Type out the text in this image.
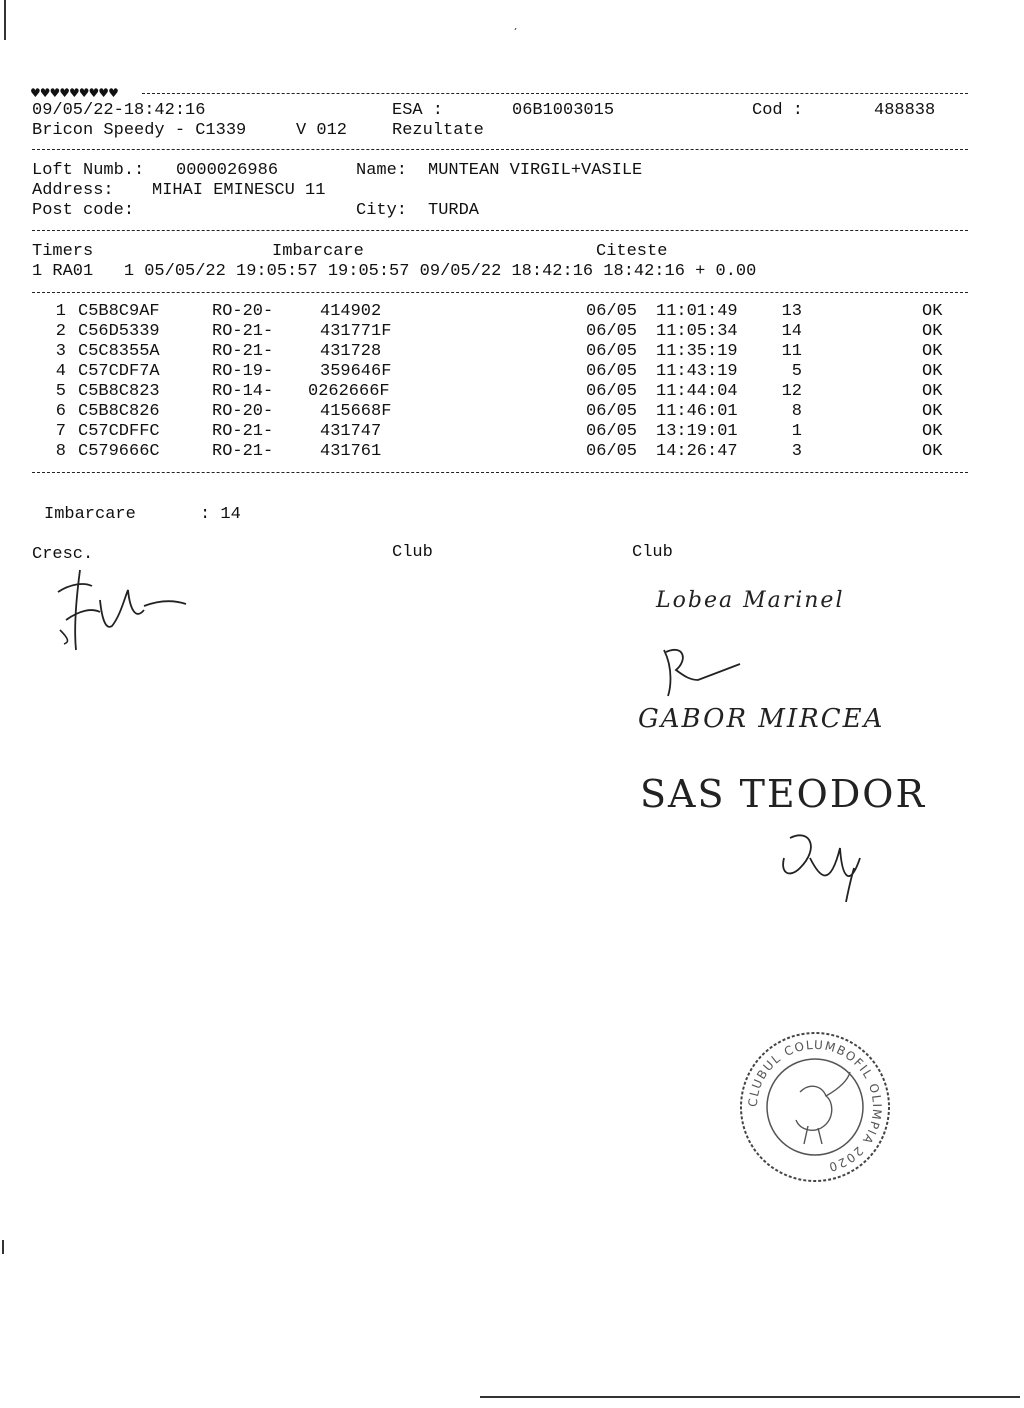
ˊ
♥♥♥♥♥♥♥♥♥
09/05/22-18:42:16	ESA :	06B1003015	Cod :	488838
Bricon Speedy - C1339	V 012	Rezultate
Loft Numb.: 0000026986	Name: MUNTEAN VIRGIL+VASILE
Address: MIHAI EMINESCU 11
Post code:	City: TURDA
Timers	Imbarcare	Citeste
1 RA01   1 05/05/22 19:05:57 19:05:57 09/05/22 18:42:16 18:42:16 + 0.00
1 C5B8C9AF	RO-20-	414902	06/05 11:01:49	13	OK
2 C56D5339	RO-21-	431771F	06/05 11:05:34	14	OK
3 C5C8355A	RO-21-	431728	06/05 11:35:19	11	OK
4 C57CDF7A	RO-19-	359646F	06/05 11:43:19	5	OK
5 C5B8C823	RO-14- 0262666F	06/05 11:44:04	12	OK
6 C5B8C826	RO-20-	415668F	06/05 11:46:01	8	OK
7 C57CDFFC	RO-21-	431747	06/05 13:19:01	1	OK
8 C579666C	RO-21-	431761	06/05 14:26:47	3	OK
Imbarcare	: 14
Cresc.	Club	Club
Lobea Marinel
GABOR MIRCEA
SAS TEODOR
CLUBUL COLUMBOFIL OLIMPIA 2020
